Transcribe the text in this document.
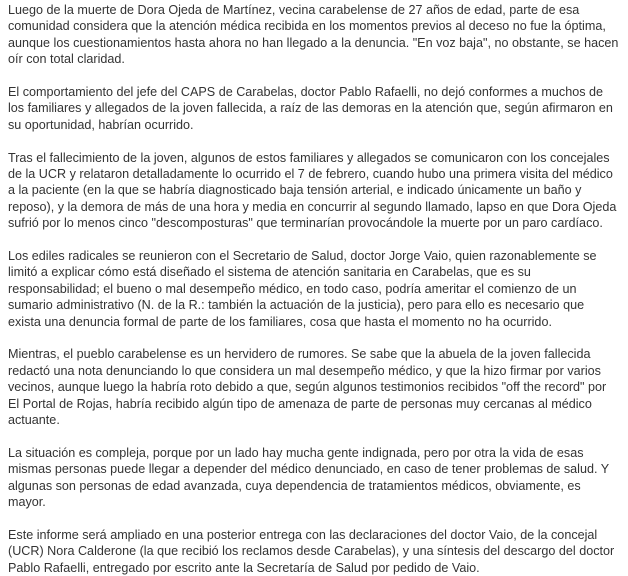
Luego de la muerte de Dora Ojeda de Martínez, vecina carabelense de 27 años de edad, parte de esa comunidad considera que la atención médica recibida en los momentos previos al deceso no fue la óptima, aunque los cuestionamientos hasta ahora no han llegado a la denuncia. "En voz baja", no obstante, se hacen oír con total claridad.

El comportamiento del jefe del CAPS de Carabelas, doctor Pablo Rafaelli, no dejó conformes a muchos de los familiares y allegados de la joven fallecida, a raíz de las demoras en la atención que, según afirmaron en su oportunidad, habrían ocurrido.

Tras el fallecimiento de la joven, algunos de estos familiares y allegados se comunicaron con los concejales de la UCR y relataron detalladamente lo ocurrido el 7 de febrero, cuando hubo una primera visita del médico a la paciente (en la que se habría diagnosticado baja tensión arterial, e indicado únicamente un baño y reposo), y la demora de más de una hora y media en concurrir al segundo llamado, lapso en que Dora Ojeda sufrió por lo menos cinco "descomposturas" que terminarían provocándole la muerte por un paro cardíaco.

Los ediles radicales se reunieron con el Secretario de Salud, doctor Jorge Vaio, quien razonablemente se limitó a explicar cómo está diseñado el sistema de atención sanitaria en Carabelas, que es su responsabilidad; el bueno o mal desempeño médico, en todo caso, podría ameritar el comienzo de un sumario administrativo (N. de la R.: también la actuación de la justicia), pero para ello es necesario que exista una denuncia formal de parte de los familiares, cosa que hasta el momento no ha ocurrido.

Mientras, el pueblo carabelense es un hervidero de rumores. Se sabe que la abuela de la joven fallecida redactó una nota denunciando lo que considera un mal desempeño médico, y que la hizo firmar por varios vecinos, aunque luego la habría roto debido a que, según algunos testimonios recibidos "off the record" por El Portal de Rojas, habría recibido algún tipo de amenaza de parte de personas muy cercanas al médico actuante.

La situación es compleja, porque por un lado hay mucha gente indignada, pero por otra la vida de esas mismas personas puede llegar a depender del médico denunciado, en caso de tener problemas de salud. Y algunas son personas de edad avanzada, cuya dependencia de tratamientos médicos, obviamente, es mayor.

Este informe será ampliado en una posterior entrega con las declaraciones del doctor Vaio, de la concejal (UCR) Nora Calderone (la que recibió los reclamos desde Carabelas), y una síntesis del descargo del doctor Pablo Rafaelli, entregado por escrito ante la Secretaría de Salud por pedido de Vaio.
